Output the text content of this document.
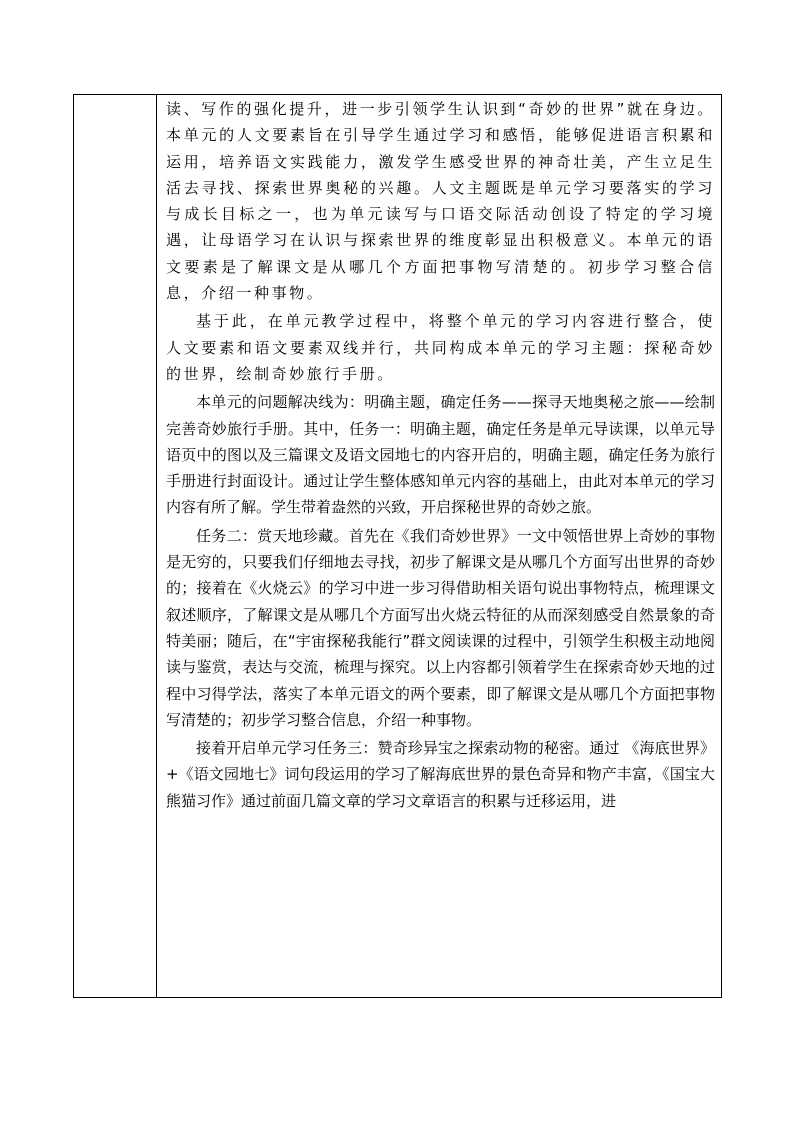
读、写作的强化提升，进一步引领学生认识到“奇妙的世界”就在身边。本单元的人文要素旨在引导学生通过学习和感悟，能够促进语言积累和运用，培养语文实践能力，激发学生感受世界的神奇壮美，产生立足生活去寻找、探索世界奥秘的兴趣。人文主题既是单元学习要落实的学习与成长目标之一，也为单元读写与口语交际活动创设了特定的学习境遇，让母语学习在认识与探索世界的维度彰显出积极意义。本单元的语文要素是了解课文是从哪几个方面把事物写清楚的。初步学习整合信息，介绍一种事物。

基于此，在单元教学过程中，将整个单元的学习内容进行整合，使人文要素和语文要素双线并行，共同构成本单元的学习主题：探秘奇妙的世界，绘制奇妙旅行手册。

本单元的问题解决线为：明确主题，确定任务——探寻天地奥秘之旅——绘制完善奇妙旅行手册。其中，任务一：明确主题，确定任务是单元导读课，以单元导语页中的图以及三篇课文及语文园地七的内容开启的，明确主题，确定任务为旅行手册进行封面设计。通过让学生整体感知单元内容的基础上，由此对本单元的学习内容有所了解。学生带着盎然的兴致，开启探秘世界的奇妙之旅。

任务二：赏天地珍藏。首先在《我们奇妙世界》一文中领悟世界上奇妙的事物是无穷的，只要我们仔细地去寻找，初步了解课文是从哪几个方面写出世界的奇妙的；接着在《火烧云》的学习中进一步习得借助相关语句说出事物特点，梳理课文叙述顺序，了解课文是从哪几个方面写出火烧云特征的从而深刻感受自然景象的奇特美丽；随后，在“宇宙探秘我能行”群文阅读课的过程中，引领学生积极主动地阅读与鉴赏，表达与交流，梳理与探究。以上内容都引领着学生在探索奇妙天地的过程中习得学法，落实了本单元语文的两个要素，即了解课文是从哪几个方面把事物写清楚的；初步学习整合信息，介绍一种事物。

接着开启单元学习任务三：赞奇珍异宝之探索动物的秘密。通过 《海底世界》+《语文园地七》词句段运用的学习了解海底世界的景色奇异和物产丰富，《国宝大熊猫习作》通过前面几篇文章的学习文章语言的积累与迁移运用，进
